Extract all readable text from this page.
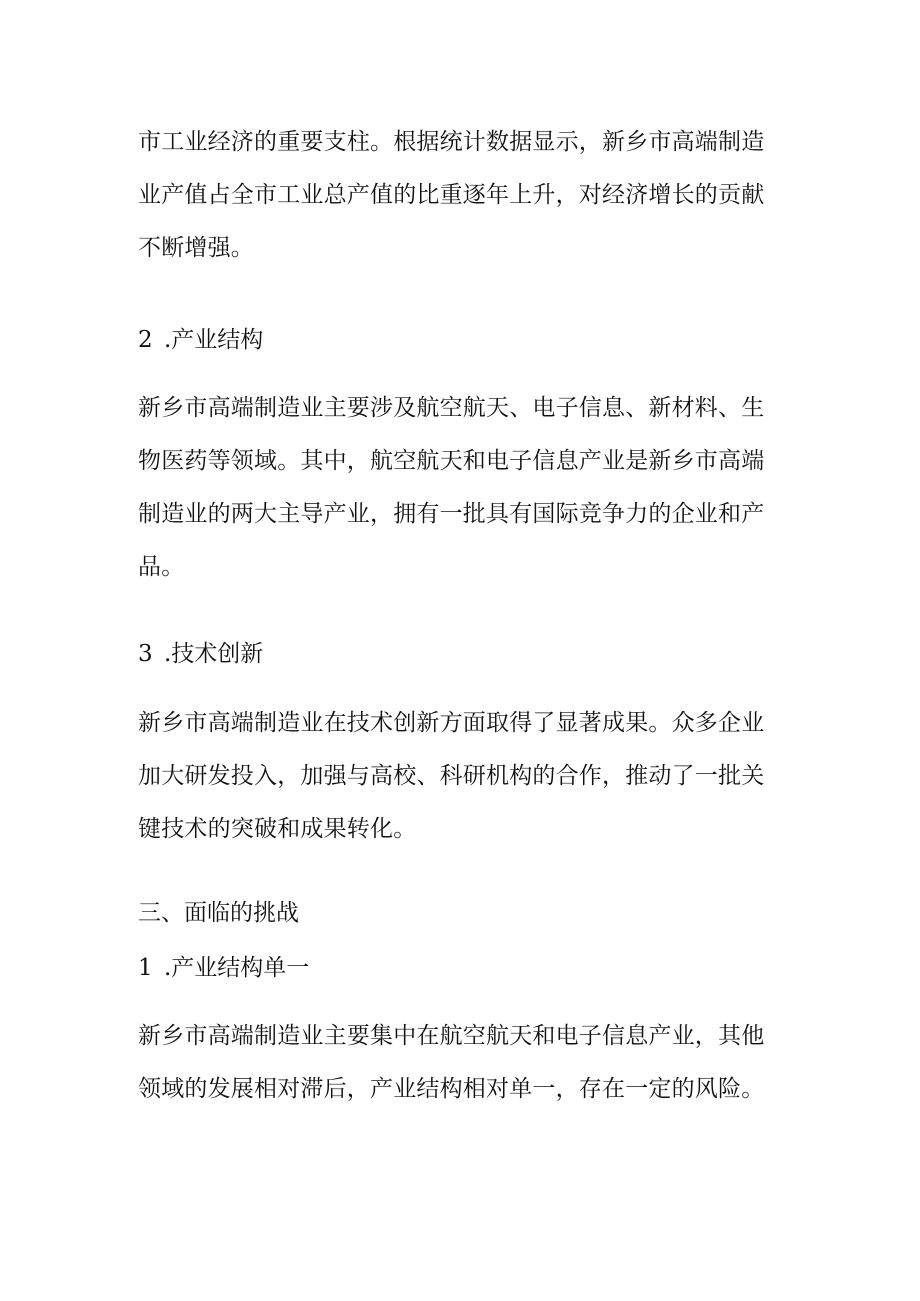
市工业经济的重要支柱。根据统计数据显示，新乡市高端制造
业产值占全市工业总产值的比重逐年上升，对经济增长的贡献
不断增强。
2 .产业结构
新乡市高端制造业主要涉及航空航天、电子信息、新材料、生
物医药等领域。其中，航空航天和电子信息产业是新乡市高端
制造业的两大主导产业，拥有一批具有国际竞争力的企业和产
品。
3 .技术创新
新乡市高端制造业在技术创新方面取得了显著成果。众多企业
加大研发投入，加强与高校、科研机构的合作，推动了一批关
键技术的突破和成果转化。
三、面临的挑战
1 .产业结构单一
新乡市高端制造业主要集中在航空航天和电子信息产业，其他
领域的发展相对滞后，产业结构相对单一，存在一定的风险。
